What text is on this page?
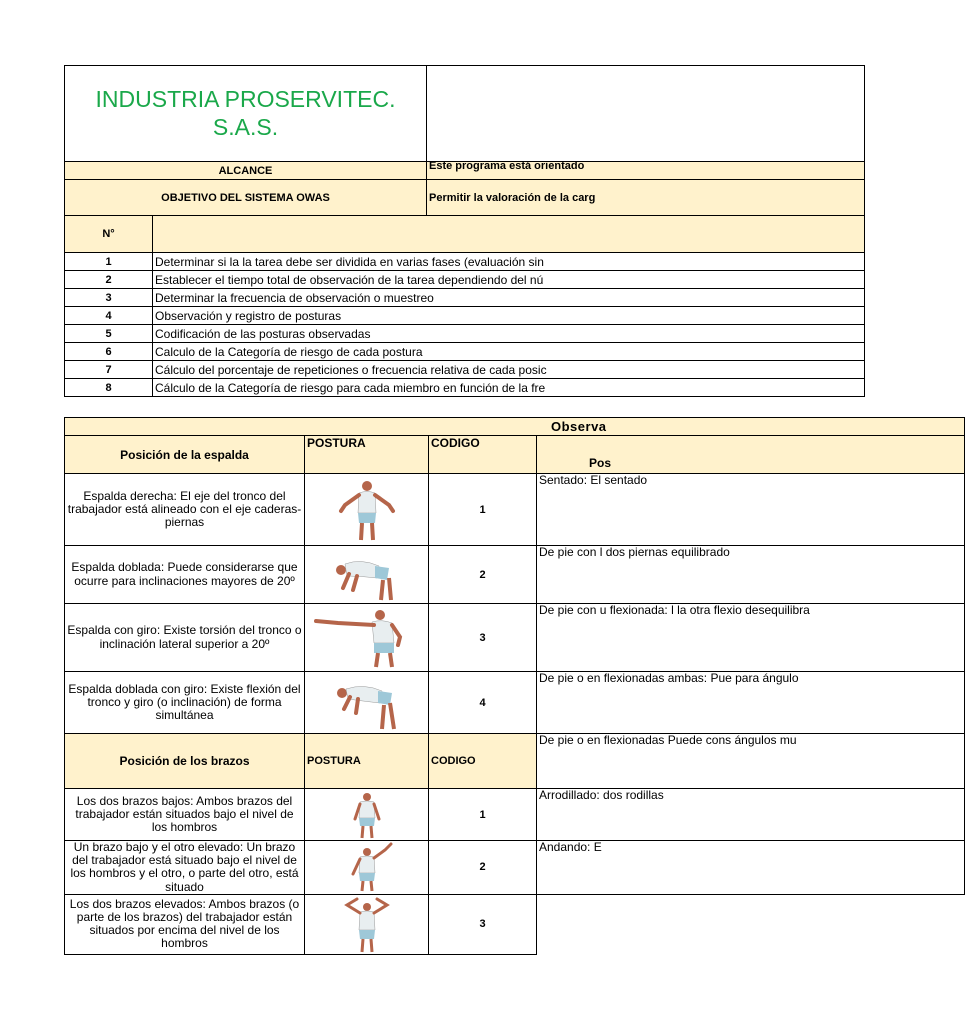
INDUSTRIA PROSERVITEC.
S.A.S.		

ALCANCE		Este programa está orientado
OBJETIVO DEL SISTEMA OWAS		Permitir la valoración de la carg
N°		
1	Determinar si la la tarea debe ser dividida en varias fases (evaluación sin	
2	Establecer el tiempo total de observación de la tarea dependiendo del nú	
3	Determinar la frecuencia de observación o muestreo	
4	Observación y registro de posturas	
5	Codificación de las posturas observadas	
6	Calculo de la Categoría de riesgo de cada postura	
7	Cálculo del porcentaje de repeticiones o frecuencia relativa de cada posic	
8	Cálculo de la Categoría de riesgo para cada miembro en función de la fre	
Observa			
Posición de la espalda	POSTURA	CODIGO	Pos
Espalda derecha: El eje del tronco del trabajador está alineado con el eje caderas-piernas		1	Sentado: El sentado
Espalda doblada: Puede considerarse que ocurre para inclinaciones mayores de 20º		2	De pie con l dos piernas equilibrado
Espalda con giro: Existe torsión del tronco o inclinación lateral superior a 20º		3	De pie con u flexionada: l la otra flexio desequilibra
Espalda doblada con giro: Existe flexión del tronco y giro (o inclinación) de forma simultánea		4	De pie o en flexionadas ambas: Pue para ángulo
Posición de los brazos	POSTURA	CODIGO	De pie o en flexionadas Puede cons ángulos mu
Los dos brazos bajos: Ambos brazos del trabajador están situados bajo el nivel de los hombros		1	Arrodillado: dos rodillas
Un brazo bajo y el otro elevado: Un brazo del trabajador está situado bajo el nivel de los hombros y el otro, o parte del otro, está situado		2	Andando: E
Los dos brazos elevados: Ambos brazos (o parte de los brazos) del trabajador están situados por encima del nivel de los hombros		3	
